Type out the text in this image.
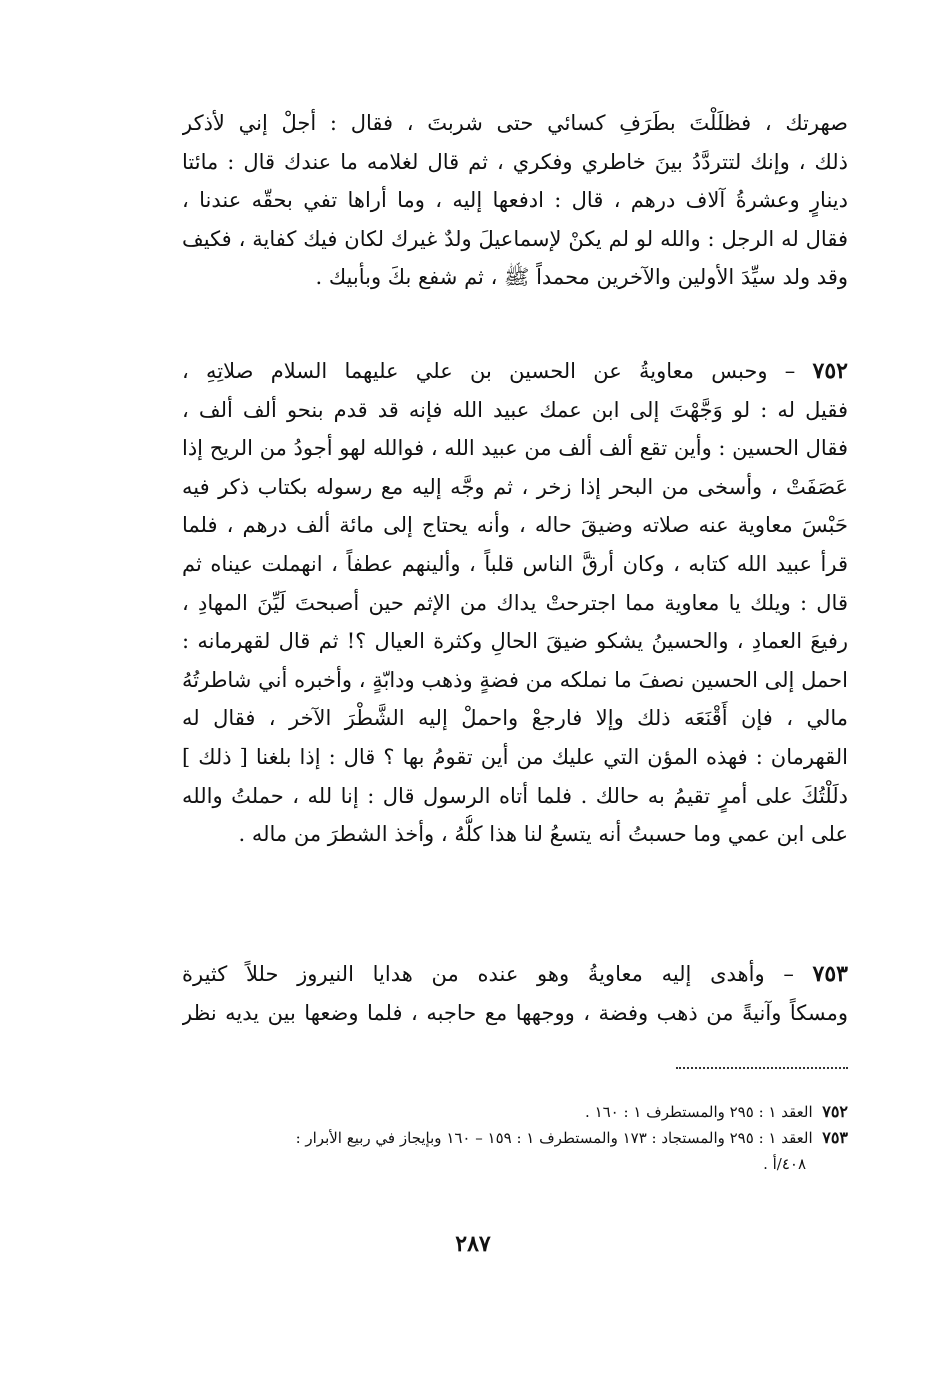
صهرتك ، فظلَلْتَ بطَرَفِ كسائي حتى شربتَ ، فقال : أجلْ إني لأذكر
ذلك ، وإنك لتتردَّدُ بينَ خاطري وفكري ، ثم قال لغلامه ما عندك قال : مائتا
دينارٍ وعشرةُ آلاف درهم ، قال : ادفعها إليه ، وما أراها تفي بحقّه عندنا ،
فقال له الرجل : والله لو لم يكنْ لإسماعيلَ ولدٌ غيرك لكان فيك كفاية ، فكيف
وقد ولد سيِّدَ الأولين والآخرين محمداً ﷺ ، ثم شفع بكَ وبأبيك .
٧٥٢ – وحبس معاويةُ عن الحسين بن علي عليهما السلام صلاتِهِ ،
فقيل له : لو وَجَّهْتَ إلى ابن عمك عبيد الله فإنه قد قدم بنحو ألف ألف ،
فقال الحسين : وأين تقع ألف ألف من عبيد الله ، فوالله لهو أجودُ من الريح إذا
عَصَفَتْ ، وأسخى من البحر إذا زخر ، ثم وجَّه إليه مع رسوله بكتاب ذكر فيه
حَبْسَ معاوية عنه صلاته وضيقَ حاله ، وأنه يحتاج إلى مائة ألف درهم ، فلما
قرأ عبيد الله كتابه ، وكان أرقَّ الناس قلباً ، وألينهم عطفاً ، انهملت عيناه ثم
قال : ويلك يا معاوية مما اجترحتْ يداك من الإثم حين أصبحتَ لَيِّنَ المهادِ ،
رفيعَ العمادِ ، والحسينُ يشكو ضيقَ الحالِ وكثرة العيال ؟! ثم قال لقهرمانه :
احمل إلى الحسين نصفَ ما نملكه من فضةٍ وذهب ودابّةٍ ، وأخبره أني شاطرتُهُ
مالي ، فإن أَقْنَعَه ذلك وإلا فارجعْ واحملْ إليه الشَّطْرَ الآخر ، فقال له
القهرمان : فهذه المؤن التي عليك من أين تقومُ بها ؟ قال : إذا بلغنا [ ذلك ]
دلَلْتُكَ على أمرٍ تقيمُ به حالك . فلما أتاه الرسول قال : إنا لله ، حملتُ والله
على ابن عمي وما حسبتُ أنه يتسعُ لنا هذا كلُّهُ ، وأخذ الشطرَ من ماله .
٧٥٣ – وأهدى إليه معاويةُ وهو عنده من هدايا النيروز حللاً كثيرة
ومسكاً وآنيةً من ذهب وفضة ، ووجهها مع حاجبه ، فلما وضعها بين يديه نظر
٧٥٢  العقد ١ : ٢٩٥ والمستطرف ١ : ١٦٠ .
٧٥٣  العقد ١ : ٢٩٥ والمستجاد : ١٧٣ والمستطرف ١ : ١٥٩ – ١٦٠ وبإيجاز في ربيع الأبرار :
٤٠٨/أ .
٢٨٧
